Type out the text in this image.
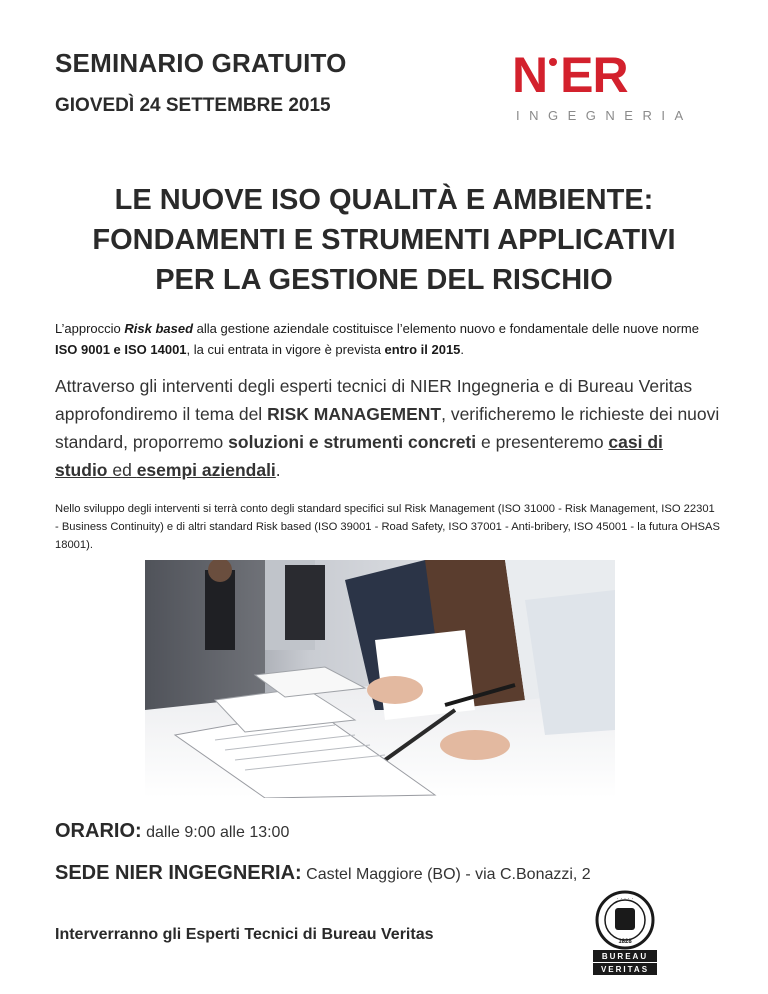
SEMINARIO GRATUITO
GIOVEDÌ 24 SETTEMBRE 2015
N ER
INGEGNERIA
LE NUOVE ISO QUALITÀ E AMBIENTE:
FONDAMENTI E STRUMENTI APPLICATIVI
PER LA GESTIONE DEL RISCHIO

L’approccio Risk based alla gestione aziendale costituisce l’elemento nuovo e fondamentale delle nuove norme ISO 9001 e ISO 14001, la cui entrata in vigore è prevista entro il 2015.

Attraverso gli interventi degli esperti tecnici di NIER Ingegneria e di Bureau Veritas approfondiremo il tema del RISK MANAGEMENT, verificheremo le richieste dei nuovi standard, proporremo soluzioni e strumenti concreti e presenteremo casi di studio ed esempi aziendali.

Nello sviluppo degli interventi si terrà conto degli standard specifici sul Risk Management (ISO 31000 - Risk Management, ISO 22301 - Business Continuity) e di altri standard Risk based (ISO 39001 - Road Safety, ISO 37001 - Anti-bribery, ISO 45001 - la futura OHSAS 18001).

ORARIO: dalle 9:00 alle 13:00
SEDE NIER INGEGNERIA: Castel Maggiore (BO) - via C.Bonazzi, 2
Interverranno gli Esperti Tecnici di Bureau Veritas
· · · · ·
1828
BUREAU
VERITAS
